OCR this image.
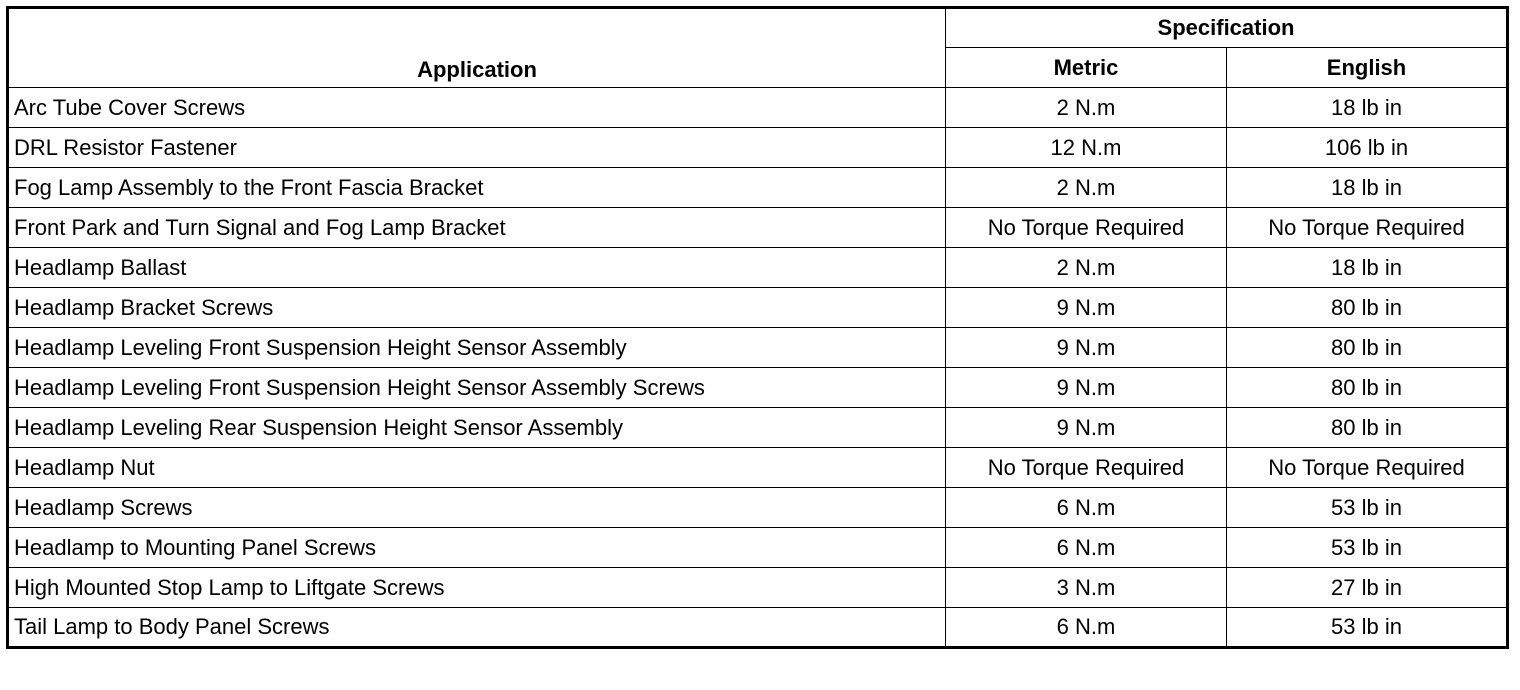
Application	Specification	
	Metric	English
Arc Tube Cover Screws	2 N.m	18 lb in
DRL Resistor Fastener	12 N.m	106 lb in
Fog Lamp Assembly to the Front Fascia Bracket	2 N.m	18 lb in
Front Park and Turn Signal and Fog Lamp Bracket	No Torque Required	No Torque Required
Headlamp Ballast	2 N.m	18 lb in
Headlamp Bracket Screws	9 N.m	80 lb in
Headlamp Leveling Front Suspension Height Sensor Assembly	9 N.m	80 lb in
Headlamp Leveling Front Suspension Height Sensor Assembly Screws	9 N.m	80 lb in
Headlamp Leveling Rear Suspension Height Sensor Assembly	9 N.m	80 lb in
Headlamp Nut	No Torque Required	No Torque Required
Headlamp Screws	6 N.m	53 lb in
Headlamp to Mounting Panel Screws	6 N.m	53 lb in
High Mounted Stop Lamp to Liftgate Screws	3 N.m	27 lb in
Tail Lamp to Body Panel Screws	6 N.m	53 lb in
